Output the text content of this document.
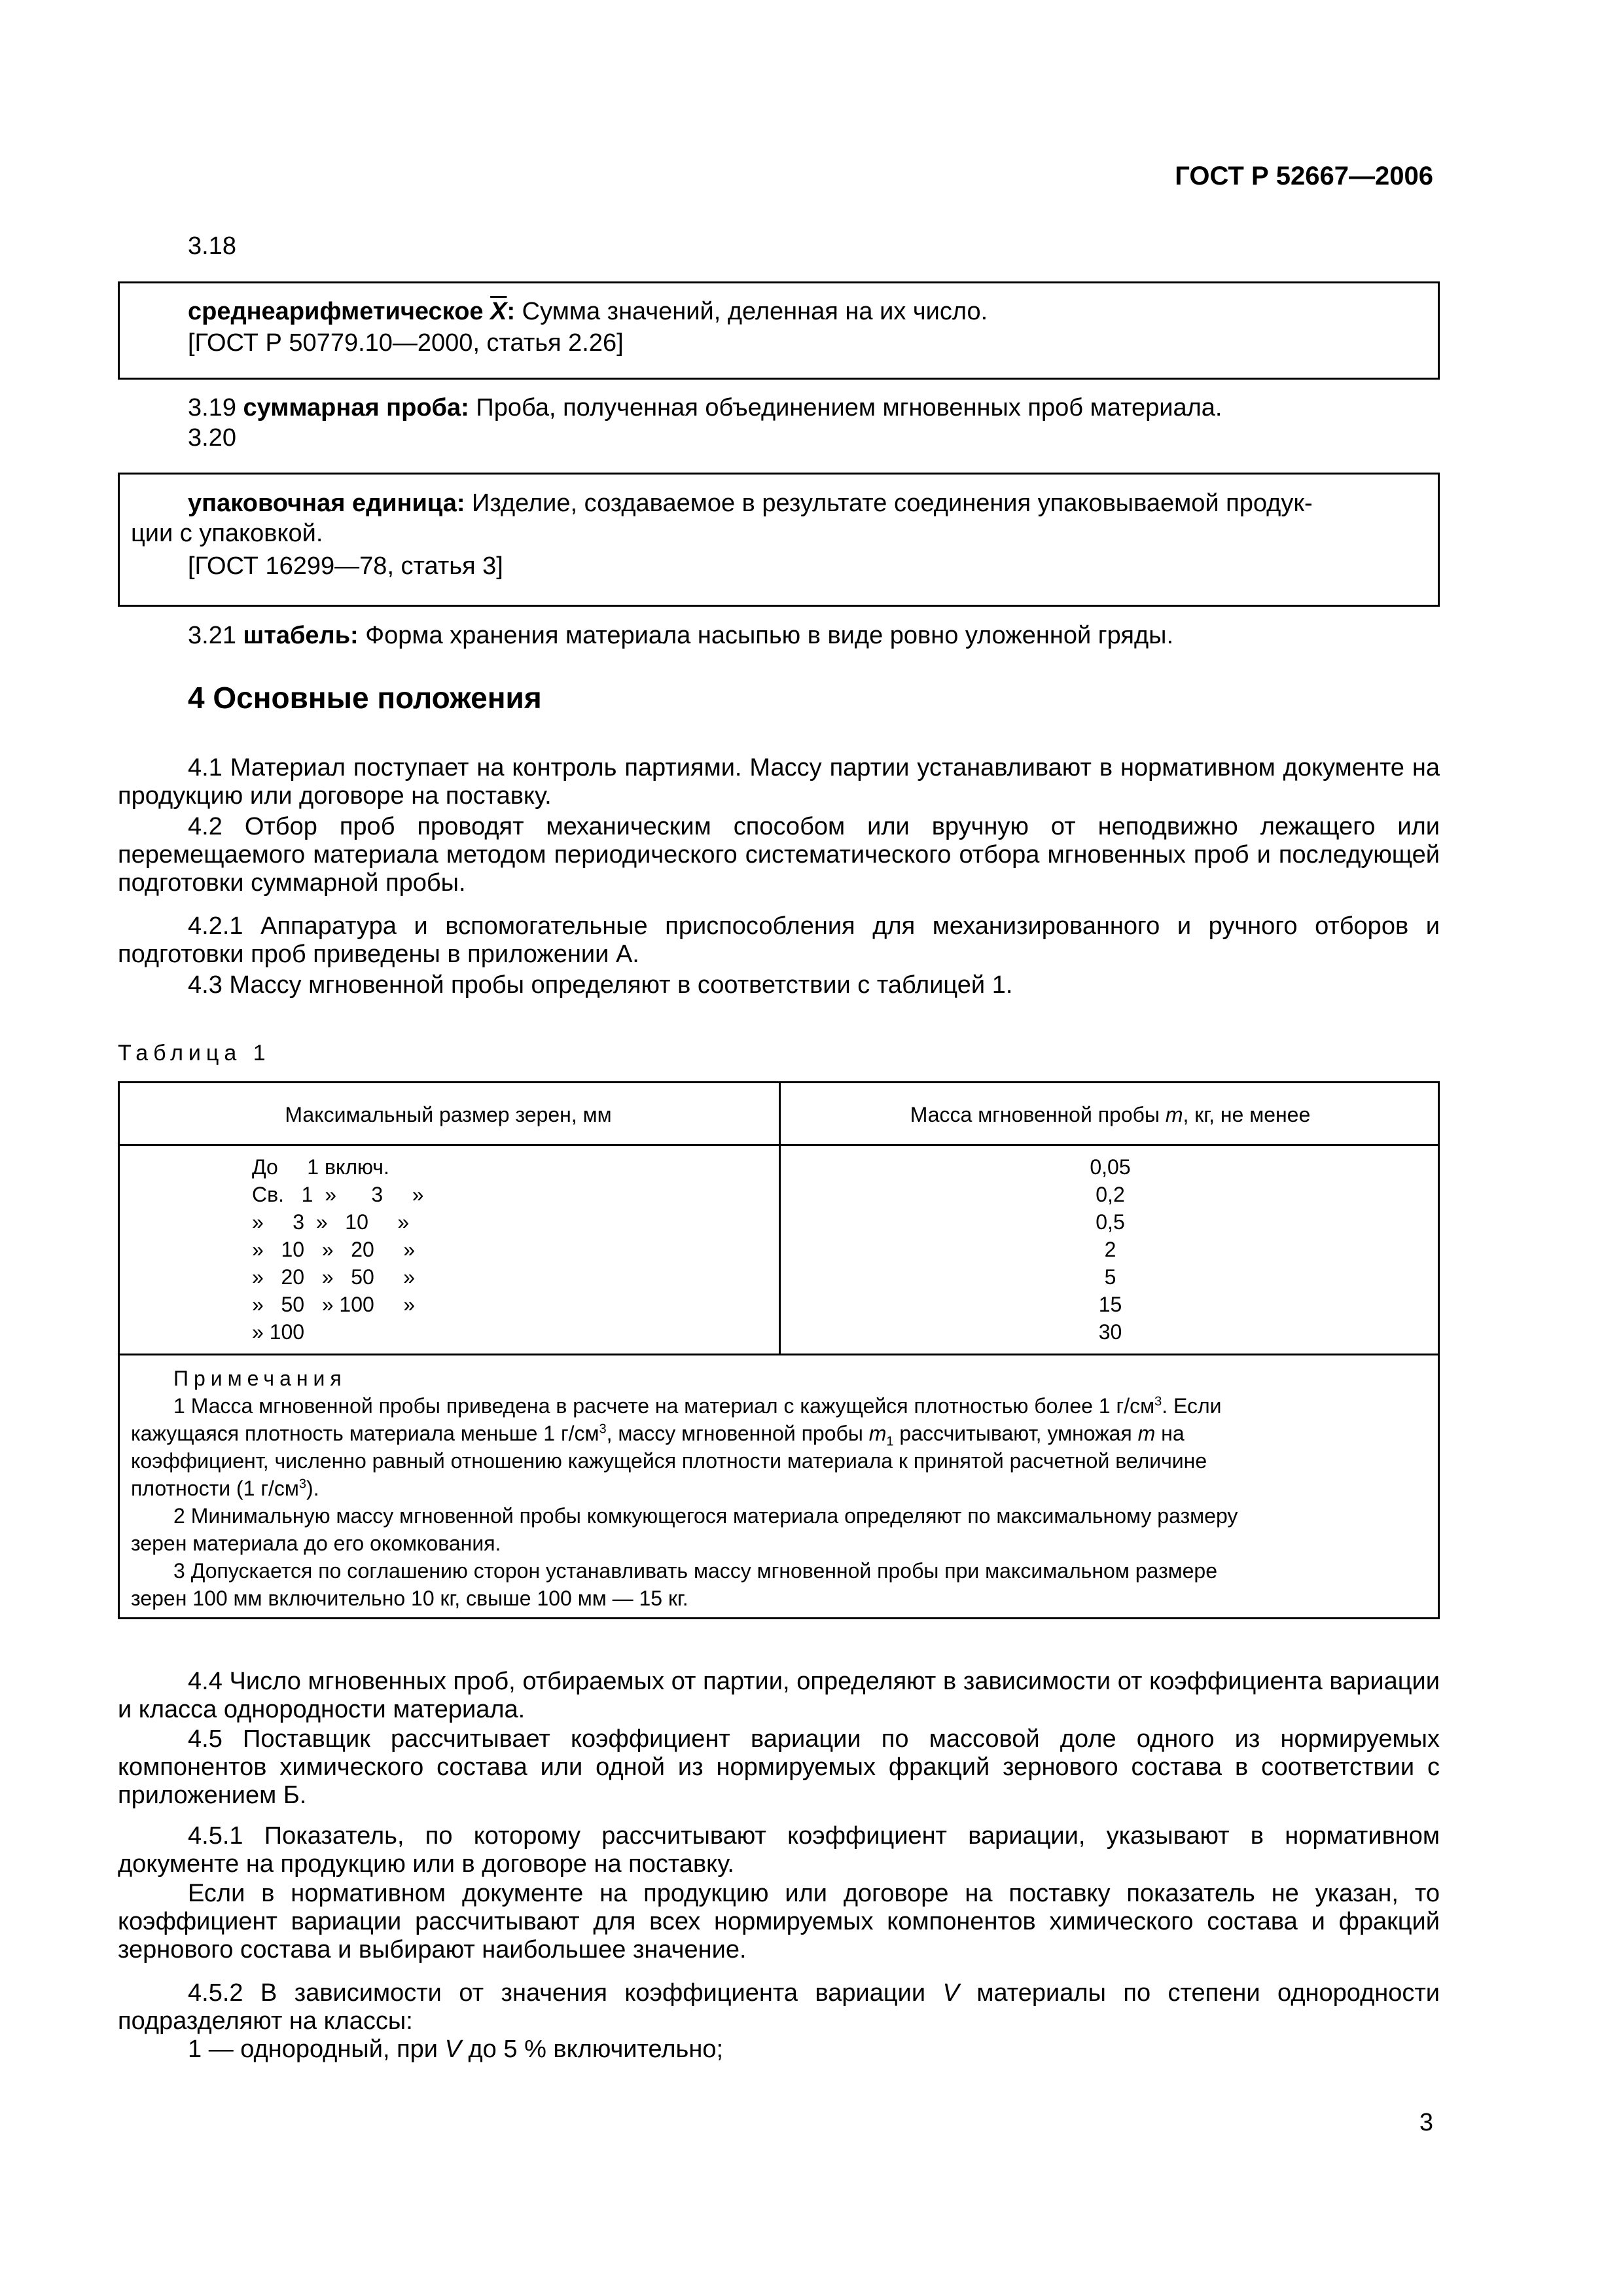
ГОСТ Р 52667—2006
3.18
среднеарифметическое $\overline{X}$: Сумма значений, деленная на их число.
[ГОСТ Р 50779.10—2000, статья 2.26]
3.19 суммарная проба: Проба, полученная объединением мгновенных проб материала.
3.20
упаковочная единица: Изделие, создаваемое в результате соединения упаковываемой продук-
ции с упаковкой.
[ГОСТ 16299—78, статья 3]
3.21 штабель: Форма хранения материала насыпью в виде ровно уложенной гряды.
4 Основные положения
4.1 Материал поступает на контроль партиями. Массу партии устанавливают в нормативном документе на продукцию или договоре на поставку.
4.2 Отбор проб проводят механическим способом или вручную от неподвижно лежащего или перемещаемого материала методом периодического систематического отбора мгновенных проб и последующей подготовки суммарной пробы.
4.2.1 Аппаратура и вспомогательные приспособления для механизированного и ручного отборов и подготовки проб приведены в приложении А.
4.3 Массу мгновенной пробы определяют в соответствии с таблицей 1.
Таблица 1
Максимальный размер зерен, мм	Масса мгновенной пробы m, кг, не менее
До     1 включ.	0,05
Св.   1  »      3     »	0,2
»     3  »   10     »	0,5
»   10   »   20     »	2
»   20   »   50     »	5
»   50   » 100     »	15
» 100	30
Примечания
1 Масса мгновенной пробы приведена в расчете на материал с кажущейся плотностью более 1 $г/см^3$. Если
кажущаяся плотность материала меньше 1 $г/см^3$, массу мгновенной пробы $m_1$ рассчитывают, умножая m на
коэффициент, численно равный отношению кажущейся плотности материала к принятой расчетной величине
плотности (1 $г/см^3$).
2 Минимальную массу мгновенной пробы комкующегося материала определяют по максимальному размеру
зерен материала до его окомкования.
3 Допускается по соглашению сторон устанавливать массу мгновенной пробы при максимальном размере
зерен 100 мм включительно 10 кг, свыше 100 мм — 15 кг.
4.4 Число мгновенных проб, отбираемых от партии, определяют в зависимости от коэффициента вариации и класса однородности материала.
4.5 Поставщик рассчитывает коэффициент вариации по массовой доле одного из нормируемых компонентов химического состава или одной из нормируемых фракций зернового состава в соответствии с приложением Б.
4.5.1 Показатель, по которому рассчитывают коэффициент вариации, указывают в нормативном документе на продукцию или в договоре на поставку.
Если в нормативном документе на продукцию или договоре на поставку показатель не указан, то коэффициент вариации рассчитывают для всех нормируемых компонентов химического состава и фракций зернового состава и выбирают наибольшее значение.
4.5.2 В зависимости от значения коэффициента вариации V материалы по степени однородности подразделяют на классы:
1 — однородный, при V до 5 % включительно;
3
